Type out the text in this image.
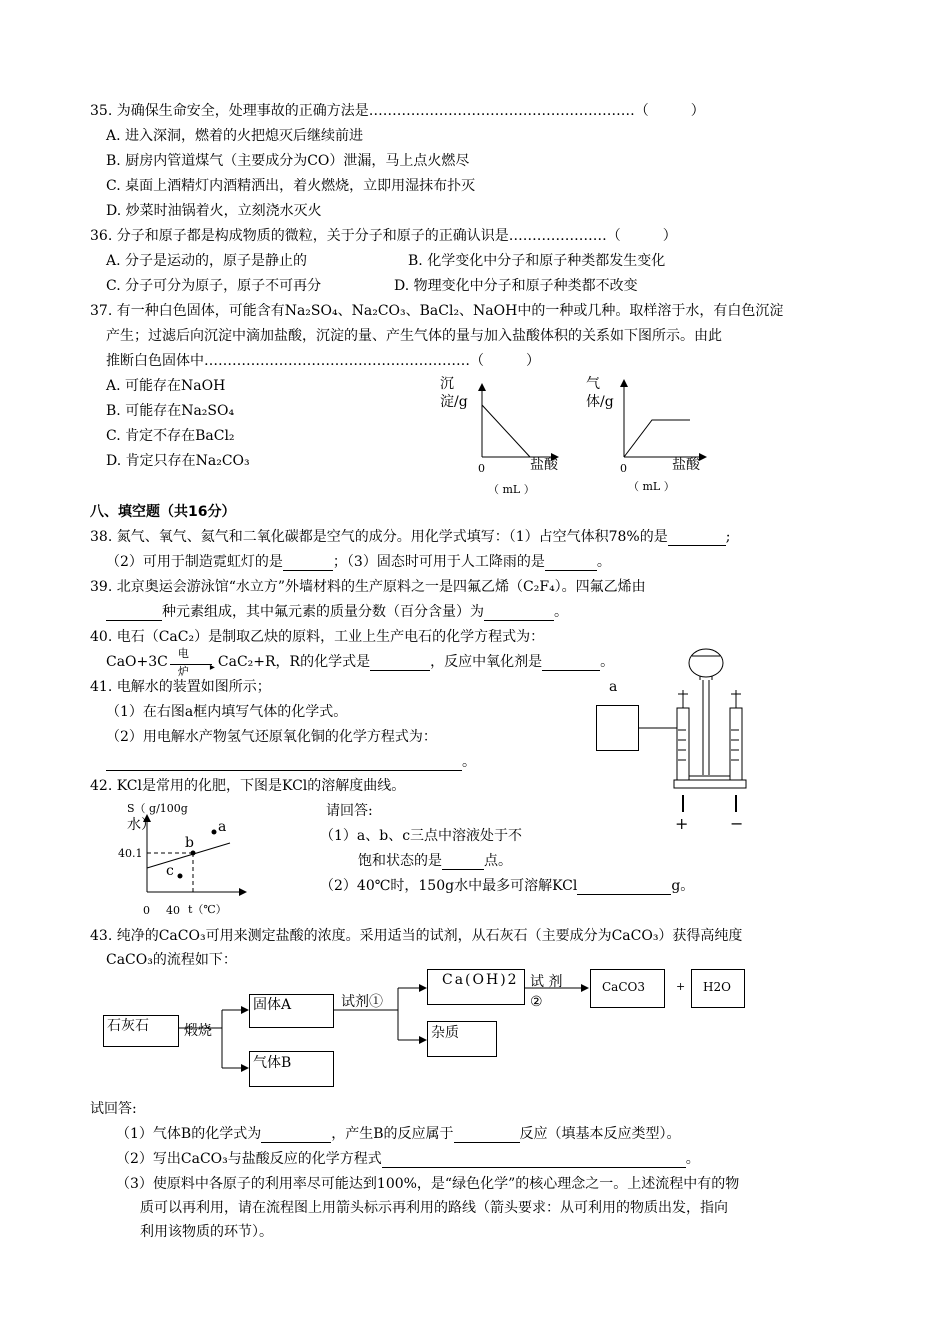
35. 为确保生命安全，处理事故的正确方法是…………………………………………………（　　　）
A. 进入深洞，燃着的火把熄灭后继续前进
B. 厨房内管道煤气（主要成分为CO）泄漏，马上点火燃尽
C. 桌面上酒精灯内酒精洒出，着火燃烧，立即用湿抹布扑灭
D. 炒菜时油锅着火，立刻浇水灭火
36. 分子和原子都是构成物质的微粒，关于分子和原子的正确认识是…………………（　　　）
A. 分子是运动的，原子是静止的	B. 化学变化中分子和原子种类都发生变化
C. 分子可分为原子，原子不可再分	D. 物理变化中分子和原子种类都不改变
37. 有一种白色固体，可能含有Na₂SO₄、Na₂CO₃、BaCl₂、NaOH中的一种或几种。取样溶于水，有白色沉淀
产生；过滤后向沉淀中滴加盐酸，沉淀的量、产生气体的量与加入盐酸体积的关系如下图所示。由此
推断白色固体中…………………………………………………（　　　）
A. 可能存在NaOH
B. 可能存在Na₂SO₄
C. 肯定不存在BaCl₂
D. 肯定只存在Na₂CO₃
沉
淀/g
0	盐酸
（ mL ）
气
体/g
0	盐酸
（ mL ）
八、填空题（共16分）
38. 氮气、氧气、氦气和二氧化碳都是空气的成分。用化学式填写：（1）占空气体积78%的是	;
（2）可用于制造霓虹灯的是	；（3）固态时可用于人工降雨的是	。
39. 北京奥运会游泳馆“水立方”外墙材料的生产原料之一是四氟乙烯（C₂F₄）。四氟乙烯由
种元素组成，其中氟元素的质量分数（百分含量）为	。
40. 电石（CaC₂）是制取乙炔的原料，工业上生产电石的化学方程式为：
CaO+3C
电
▸
炉
CaC₂+R，R的化学式是	，反应中氧化剂是	。
41. 电解水的装置如图所示；
（1）在右图a框内填写气体的化学式。
（2）用电解水产物氢气还原氧化铜的化学方程式为：
。
a
+	−
42. KCl是常用的化肥，下图是KCl的溶解度曲线。
S（ g/100g
水）
40.1
a
b
c
0 40 t（℃）
请回答:
（1）a、b、c三点中溶液处于不
饱和状态的是	点。
（2）40℃时，150g水中最多可溶解KCl	g。
43. 纯净的CaCO₃可用来测定盐酸的浓度。采用适当的试剂，从石灰石（主要成分为CaCO₃）获得高纯度
CaCO₃的流程如下：
石灰石	煅烧
固体A
气体B
试剂①
Ca(OH)2
杂质
试 剂
②
CaCO3	+ H2O
试回答:
（1）气体B的化学式为	，产生B的反应属于	反应（填基本反应类型）。
（2）写出CaCO₃与盐酸反应的化学方程式	。
（3）使原料中各原子的利用率尽可能达到100%，是“绿色化学”的核心理念之一。上述流程中有的物
质可以再利用，请在流程图上用箭头标示再利用的路线（箭头要求：从可利用的物质出发，指向
利用该物质的环节）。
